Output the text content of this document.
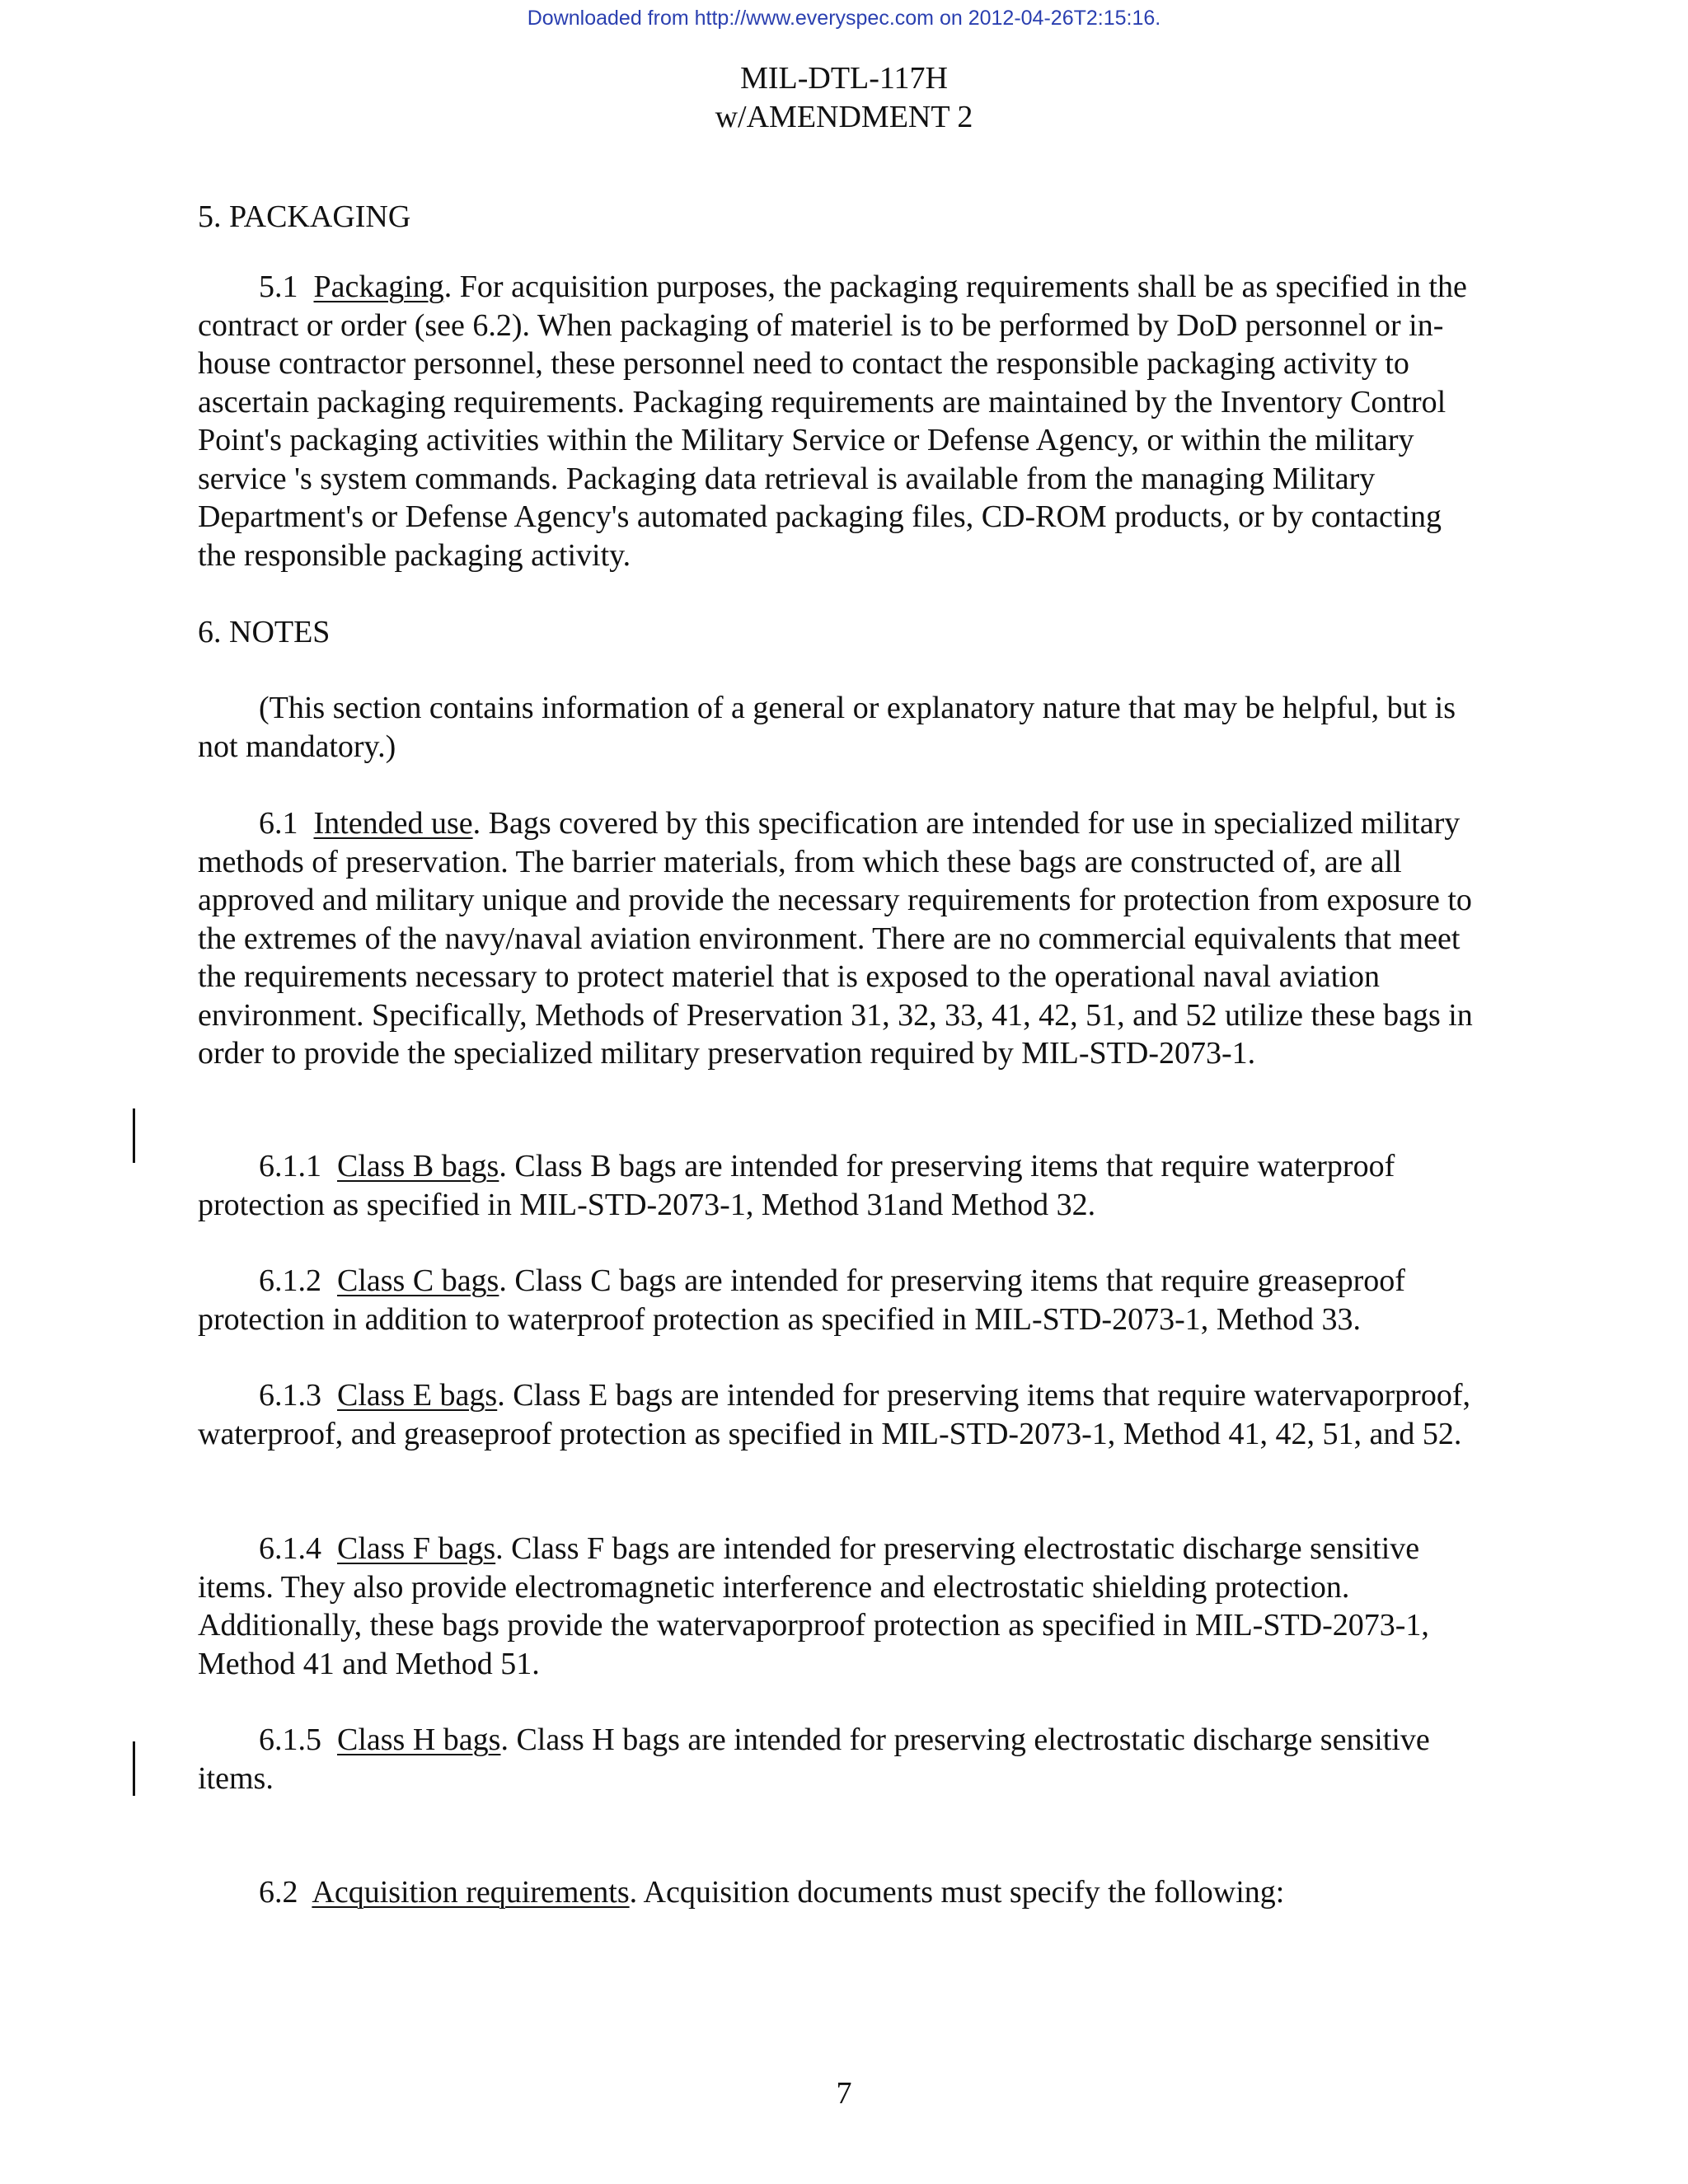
Downloaded from http://www.everyspec.com on 2012-04-26T2:15:16.
MIL-DTL-117H
w/AMENDMENT 2
5. PACKAGING
5.1 Packaging. For acquisition purposes, the packaging requirements shall be as specified in the contract or order (see 6.2). When packaging of materiel is to be performed by DoD personnel or in-house contractor personnel, these personnel need to contact the responsible packaging activity to ascertain packaging requirements. Packaging requirements are maintained by the Inventory Control Point's packaging activities within the Military Service or Defense Agency, or within the military service 's system commands. Packaging data retrieval is available from the managing Military Department's or Defense Agency's automated packaging files, CD-ROM products, or by contacting the responsible packaging activity.
6. NOTES
(This section contains information of a general or explanatory nature that may be helpful, but is not mandatory.)
6.1 Intended use. Bags covered by this specification are intended for use in specialized military methods of preservation. The barrier materials, from which these bags are constructed of, are all approved and military unique and provide the necessary requirements for protection from exposure to the extremes of the navy/naval aviation environment. There are no commercial equivalents that meet the requirements necessary to protect materiel that is exposed to the operational naval aviation environment. Specifically, Methods of Preservation 31, 32, 33, 41, 42, 51, and 52 utilize these bags in order to provide the specialized military preservation required by MIL-STD-2073-1.
6.1.1 Class B bags. Class B bags are intended for preserving items that require waterproof protection as specified in MIL-STD-2073-1, Method 31and Method 32.
6.1.2 Class C bags. Class C bags are intended for preserving items that require greaseproof protection in addition to waterproof protection as specified in MIL-STD-2073-1, Method 33.
6.1.3 Class E bags. Class E bags are intended for preserving items that require watervaporproof, waterproof, and greaseproof protection as specified in MIL-STD-2073-1, Method 41, 42, 51, and 52.
6.1.4 Class F bags. Class F bags are intended for preserving electrostatic discharge sensitive items. They also provide electromagnetic interference and electrostatic shielding protection. Additionally, these bags provide the watervaporproof protection as specified in MIL-STD-2073-1, Method 41 and Method 51.
6.1.5 Class H bags. Class H bags are intended for preserving electrostatic discharge sensitive items.
6.2 Acquisition requirements. Acquisition documents must specify the following:
7
